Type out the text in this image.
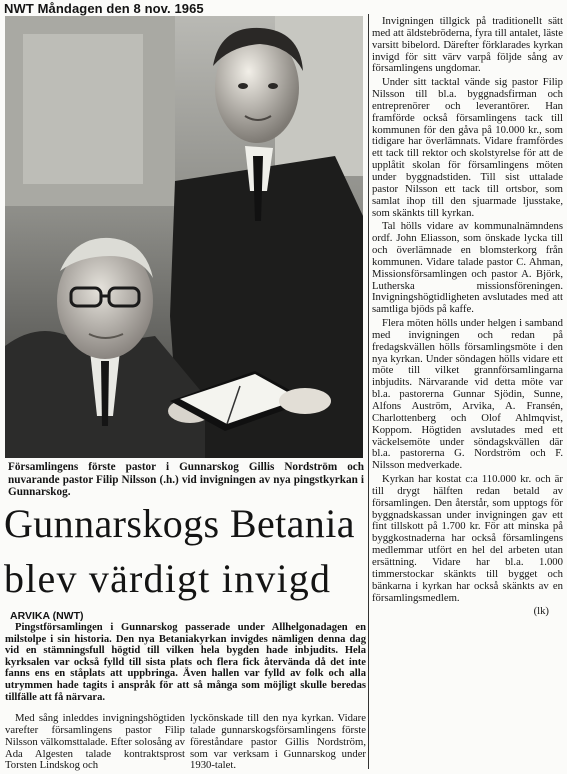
NWT Måndagen den 8 nov. 1965
Församlingens förste pastor i Gunnarskog Gillis Nordström och nuvarande pastor Filip Nilsson (.h.) vid invigningen av nya pingstkyrkan i Gunnarskog.
Gunnarskogs Betania
blev värdigt invigd
ARVIKA (NWT)
Pingstförsamlingen i Gunnarskog passerade under Allhelgonadagen en milstolpe i sin historia. Den nya Betaniakyrkan invigdes nämligen denna dag vid en stämningsfull högtid till vilken hela bygden hade inbjudits. Hela kyrksalen var också fylld till sista plats och flera fick återvända då det inte fanns ens en ståplats att uppbringa. Även hallen var fylld av folk och alla utrymmen hade tagits i anspråk för att så många som möjligt skulle beredas tillfälle att få närvara.

Med sång inleddes invigningshögtiden varefter församlingens pastor Filip Nilsson välkomsttalade. Efter solosång av Ada Algesten talade kontraktsprost Torsten Lindskog och

lyckönskade till den nya kyrkan. Vidare talade gunnarskogsförsamlingens förste föreståndare pastor Gillis Nordström, som var verksam i Gunnarskog under 1930-talet.

Invigningen tillgick på traditionellt sätt med att äldstebröderna, fyra till antalet, läste varsitt bibelord. Därefter förklarades kyrkan invigd för sitt värv varpå följde sång av församlingens ungdomar.

Under sitt tacktal vände sig pastor Filip Nilsson till bl.a. byggnadsfirman och entreprenörer och leverantörer. Han framförde också församlingens tack till kommunen för den gåva på 10.000 kr., som tidigare har överlämnats. Vidare framfördes ett tack till rektor och skolstyrelse för att de upplåtit skolan för församlingens möten under byggnadstiden. Till sist uttalade pastor Nilsson ett tack till ortsbor, som samlat ihop till den sjuarmade ljusstake, som skänkts till kyrkan.

Tal hölls vidare av kommunalnämndens ordf. John Eliasson, som önskade lycka till och överlämnade en blomsterkorg från kommunen. Vidare talade pastor C. Ahman, Missionsförsamlingen och pastor A. Björk, Lutherska missionsföreningen. Invigningshögtidligheten avslutades med att samtliga bjöds på kaffe.

Flera möten hölls under helgen i samband med invigningen och redan på fredagskvällen hölls församlingsmöte i den nya kyrkan. Under söndagen hölls vidare ett möte till vilket grannförsamlingarna inbjudits. Närvarande vid detta möte var bl.a. pastorerna Gunnar Sjödin, Sunne, Alfons Auström, Arvika, A. Fransén, Charlottenberg och Olof Ahlmqvist, Koppom. Högtiden avslutades med ett väckelsemöte under söndagskvällen där bl.a. pastorerna G. Nordström och F. Nilsson medverkade.

Kyrkan har kostat c:a 110.000 kr. och är till drygt hälften redan betald av församlingen. Den återstår, som upptogs för byggnadskassan under invigningen gav ett fint tillskott på 1.700 kr. För att minska på byggkostnaderna har också församlingens medlemmar utfört en hel del arbeten utan ersättning. Vidare har bl.a. 1.000 timmerstockar skänkts till bygget och bänkarna i kyrkan har också skänkts av en församlingsmedlem.

(lk)
